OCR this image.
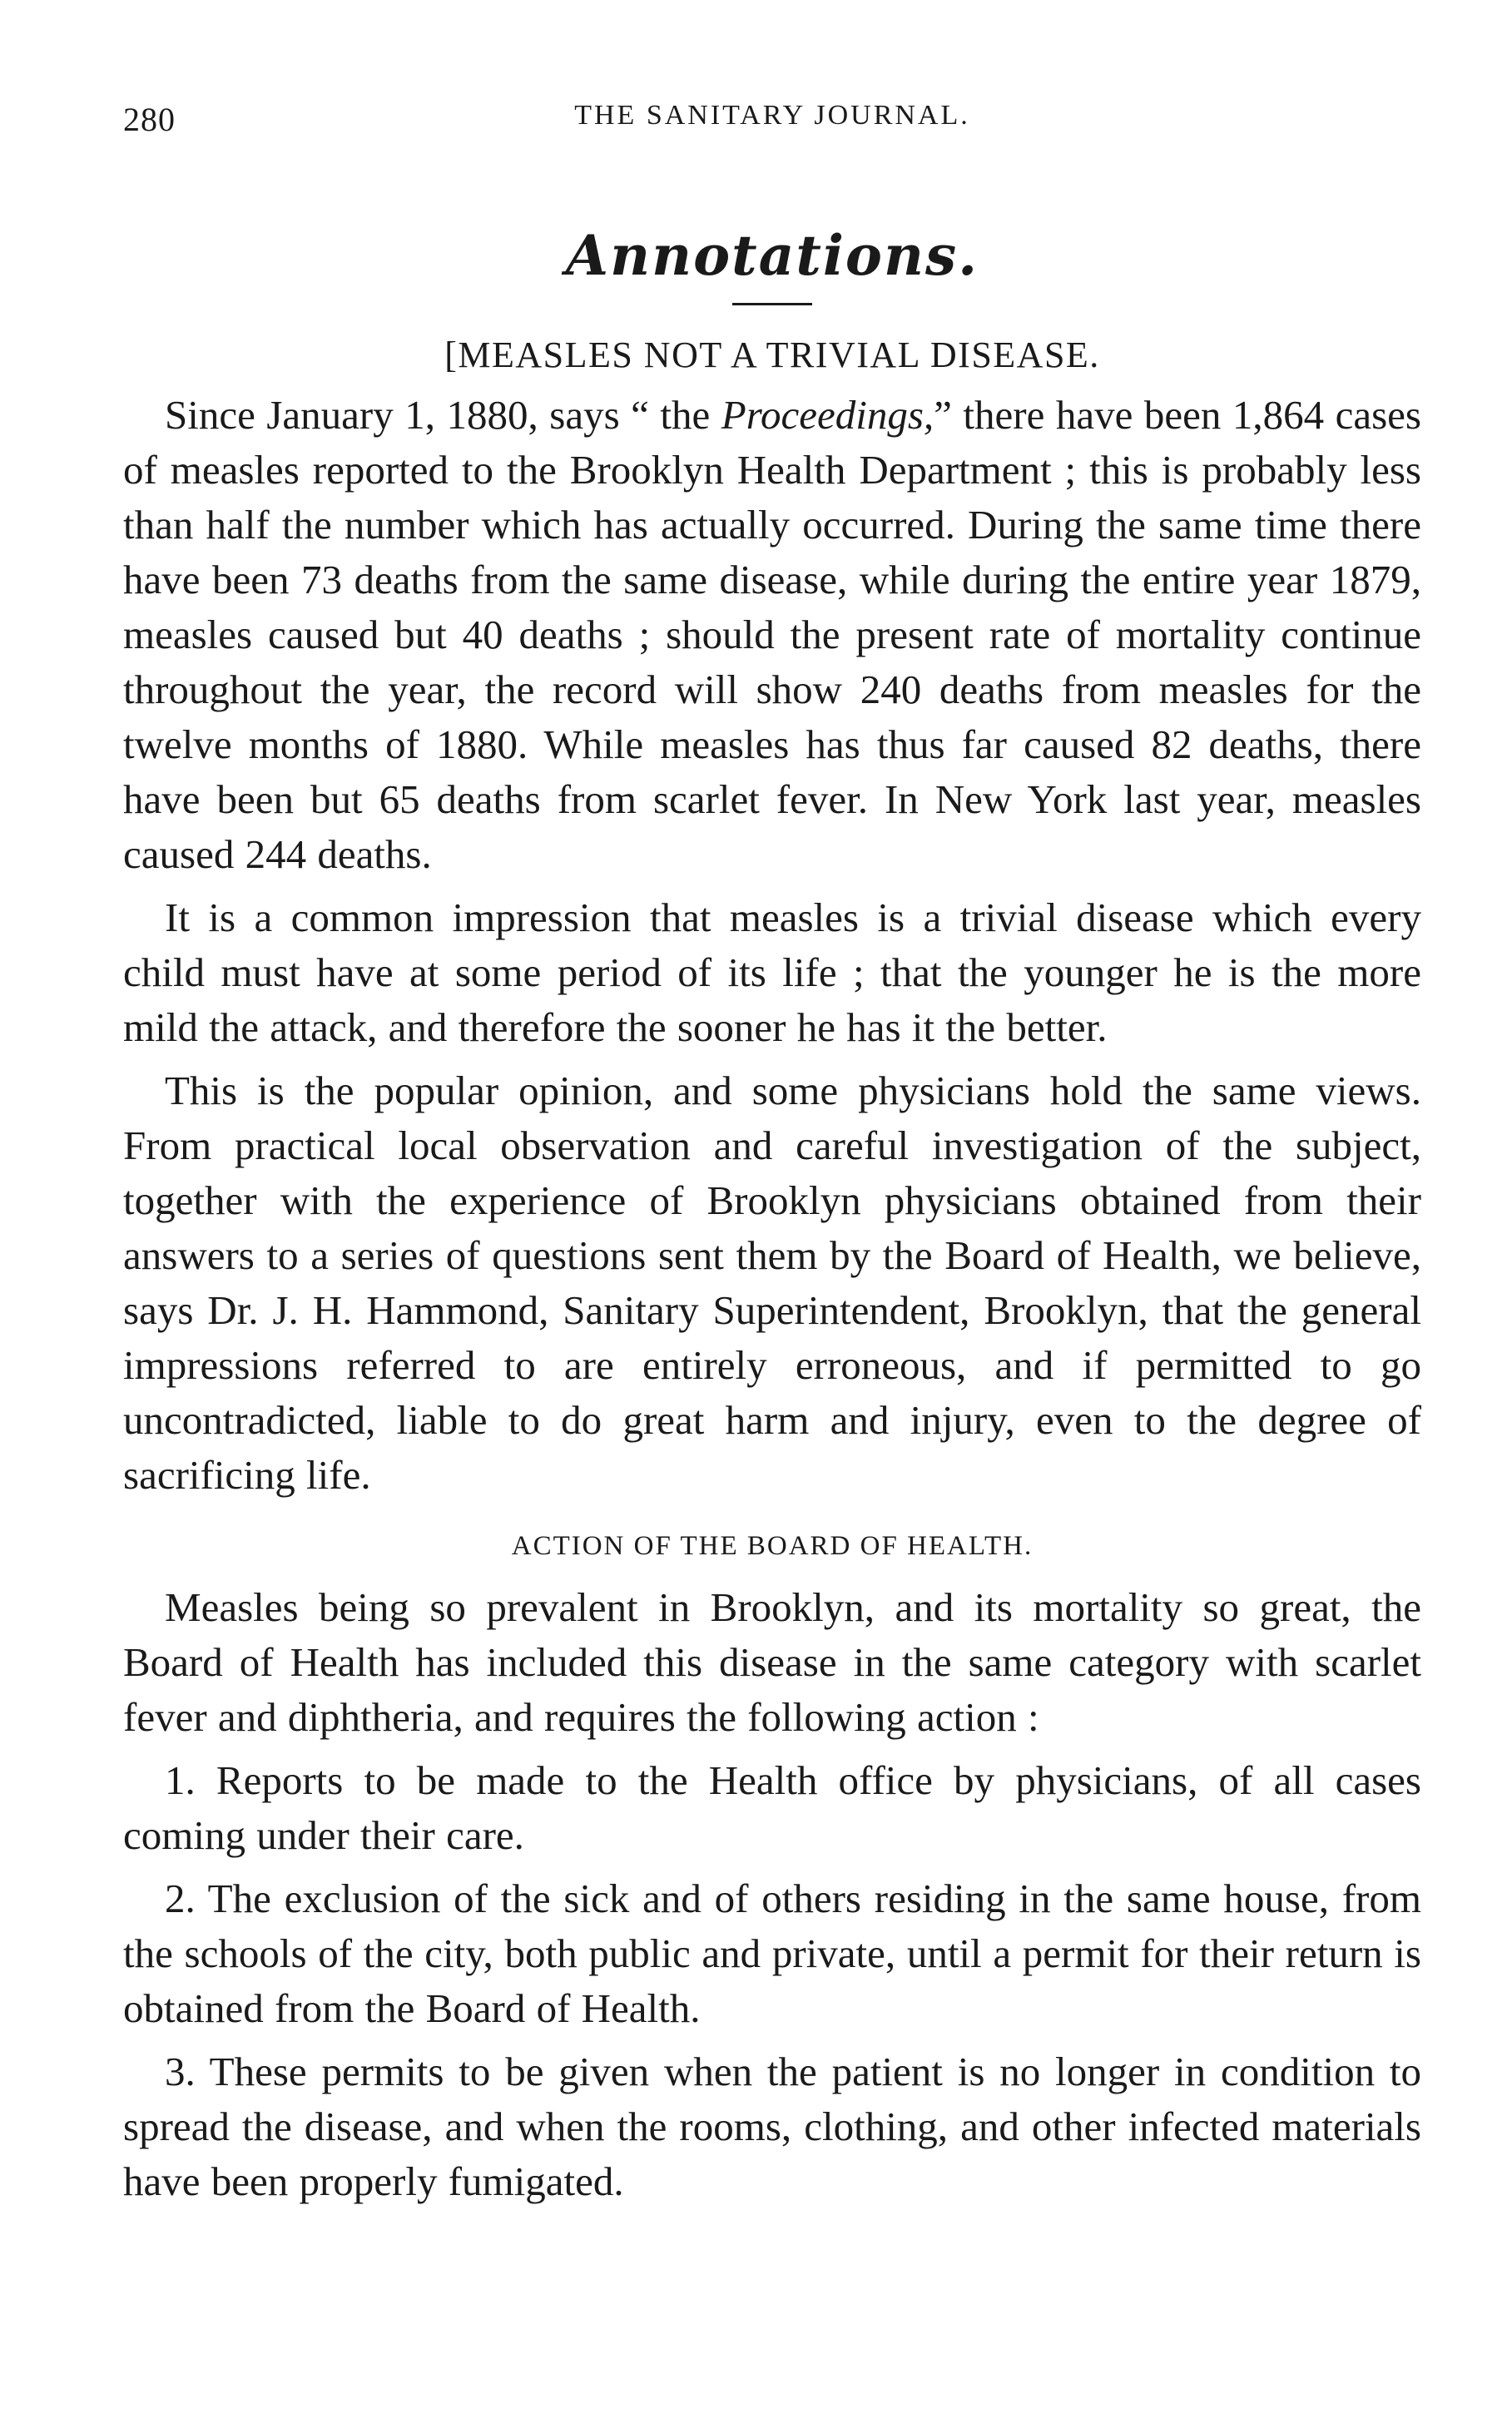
280	THE SANITARY JOURNAL.
Annotations.
[MEASLES NOT A TRIVIAL DISEASE.

Since January 1, 1880, says “ the Proceedings,” there have been 1,864 cases of measles reported to the Brooklyn Health Department ; this is probably less than half the number which has actually occurred. During the same time there have been 73 deaths from the same disease, while during the entire year 1879, measles caused but 40 deaths ; should the present rate of mortality continue throughout the year, the record will show 240 deaths from measles for the twelve months of 1880. While measles has thus far caused 82 deaths, there have been but 65 deaths from scarlet fever. In New York last year, measles caused 244 deaths.

It is a common impression that measles is a trivial disease which every child must have at some period of its life ; that the younger he is the more mild the attack, and therefore the sooner he has it the better.

This is the popular opinion, and some physicians hold the same views. From practical local observation and careful investigation of the subject, together with the experience of Brooklyn physicians obtained from their answers to a series of questions sent them by the Board of Health, we believe, says Dr. J. H. Hammond, Sanitary Superintendent, Brooklyn, that the general impressions referred to are entirely erroneous, and if permitted to go uncontradicted, liable to do great harm and injury, even to the degree of sacrificing life.

ACTION OF THE BOARD OF HEALTH.

Measles being so prevalent in Brooklyn, and its mortality so great, the Board of Health has included this disease in the same category with scarlet fever and diphtheria, and requires the following action :

1. Reports to be made to the Health office by physicians, of all cases coming under their care.

2. The exclusion of the sick and of others residing in the same house, from the schools of the city, both public and private, until a permit for their return is obtained from the Board of Health.

3. These permits to be given when the patient is no longer in condition to spread the disease, and when the rooms, clothing, and other infected materials have been properly fumigated.
